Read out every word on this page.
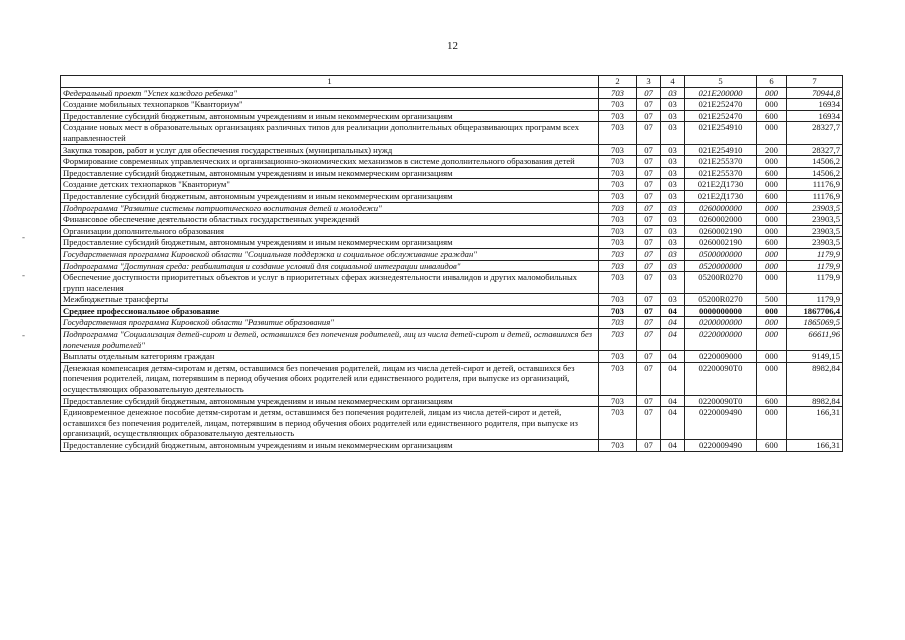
12
-
-
-
1	2	3	4	5	6	7
Федеральный проект "Успех каждого ребенка"	703	07	03	021E200000	000	70944,8
Создание мобильных технопарков "Кванториум"	703	07	03	021E252470	000	16934
Предоставление субсидий бюджетным, автономным учреждениям и иным некоммерческим организациям	703	07	03	021E252470	600	16934
Создание новых мест в образовательных организациях различных типов для реализации дополнительных общеразвивающих программ всех направленностей	703	07	03	021E254910	000	28327,7
Закупка товаров, работ и услуг для обеспечения государственных (муниципальных) нужд	703	07	03	021E254910	200	28327,7
Формирование современных управленческих и организационно-экономических механизмов в системе дополнительного образования детей	703	07	03	021E255370	000	14506,2
Предоставление субсидий бюджетным, автономным учреждениям и иным некоммерческим организациям	703	07	03	021E255370	600	14506,2
Создание детских технопарков "Кванториум"	703	07	03	021E2Д1730	000	11176,9
Предоставление субсидий бюджетным, автономным учреждениям и иным некоммерческим организациям	703	07	03	021E2Д1730	600	11176,9
Подпрограмма "Развитие системы патриотического воспитания детей и молодежи"	703	07	03	0260000000	000	23903,5
Финансовое обеспечение деятельности областных государственных учреждений	703	07	03	0260002000	000	23903,5
Организации дополнительного образования	703	07	03	0260002190	000	23903,5
Предоставление субсидий бюджетным, автономным учреждениям и иным некоммерческим организациям	703	07	03	0260002190	600	23903,5
Государственная программа Кировской области "Социальная поддержка и социальное обслуживание граждан"	703	07	03	0500000000	000	1179,9
Подпрограмма "Доступная среда: реабилитация и создание условий для социальной интеграции инвалидов"	703	07	03	0520000000	000	1179,9
Обеспечение доступности приоритетных объектов и услуг в приоритетных сферах жизнедеятельности инвалидов и других маломобильных групп населения	703	07	03	05200R0270	000	1179,9
Межбюджетные трансферты	703	07	03	05200R0270	500	1179,9
Среднее профессиональное образование	703	07	04	0000000000	000	1867706,4
Государственная программа Кировской области "Развитие образования"	703	07	04	0200000000	000	1865069,5
Подпрограмма "Социализация детей-сирот и детей, оставшихся без попечения родителей, лиц из числа детей-сирот и детей, оставшихся без попечения родителей"	703	07	04	0220000000	000	66611,96
Выплаты отдельным категориям граждан	703	07	04	0220009000	000	9149,15
Денежная компенсация детям-сиротам и детям, оставшимся без попечения родителей, лицам из числа детей-сирот и детей, оставшихся без попечения родителей, лицам, потерявшим в период обучения обоих родителей или единственного родителя, при выпуске из организаций, осуществляющих образовательную деятельность	703	07	04	02200090Т0	000	8982,84
Предоставление субсидий бюджетным, автономным учреждениям и иным некоммерческим организациям	703	07	04	02200090Т0	600	8982,84
Единовременное денежное пособие детям-сиротам и детям, оставшимся без попечения родителей, лицам из числа детей-сирот и детей, оставшихся без попечения родителей, лицам, потерявшим в период обучения обоих родителей или единственного родителя, при выпуске из организаций, осуществляющих образовательную деятельность	703	07	04	0220009490	000	166,31
Предоставление субсидий бюджетным, автономным учреждениям и иным некоммерческим организациям	703	07	04	0220009490	600	166,31
